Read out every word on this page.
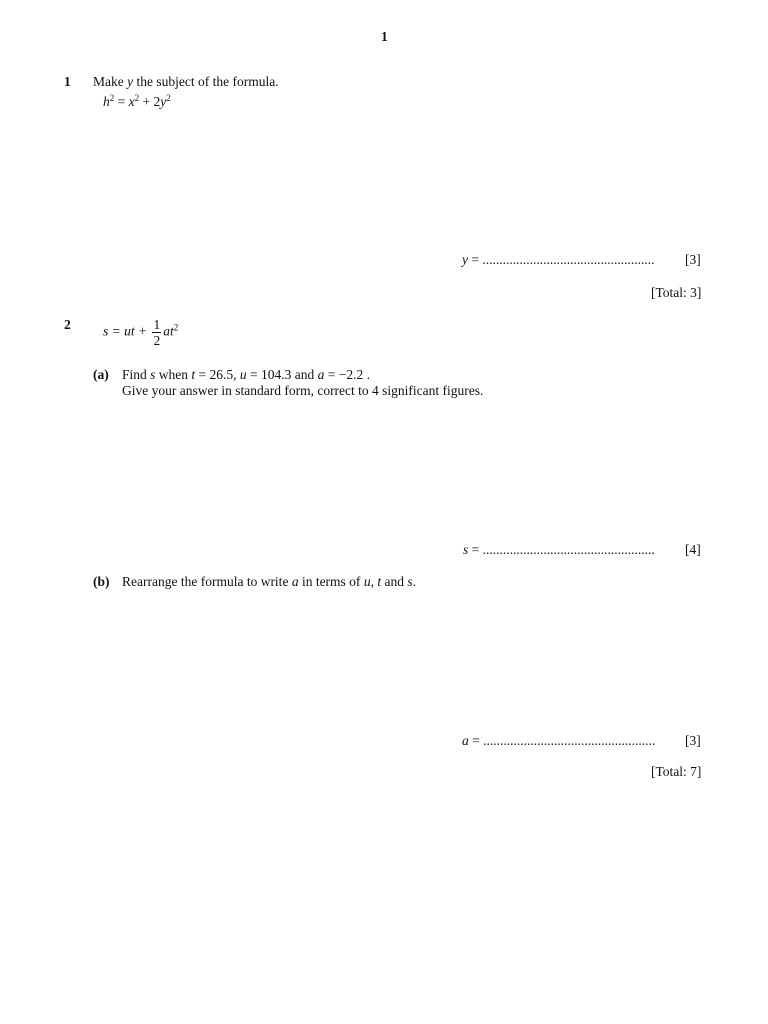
1
1 Make y the subject of the formula.
$h^2 = x^2 + 2y^2$
y = ................................................... [3]
[Total: 3]
2 s = ut + $\frac{1}{2} at^2$
(a) Find s when t = 26.5, u = 104.3 and a = −2.2 .
Give your answer in standard form, correct to 4 significant figures.
s = ................................................... [4]
(b) Rearrange the formula to write a in terms of u, t and s.
a = ................................................... [3]
[Total: 7]
